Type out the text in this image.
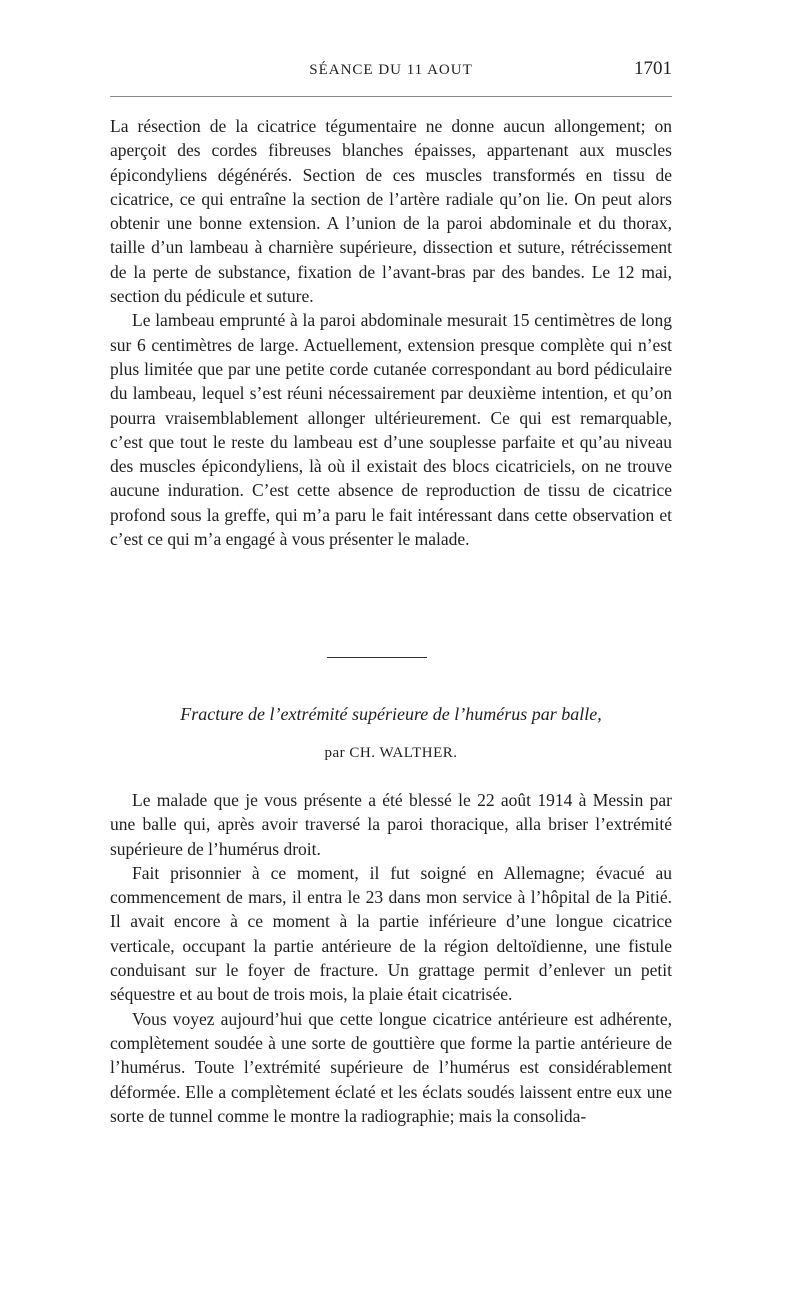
SÉANCE DU 11 AOUT	1701

La résection de la cicatrice tégumentaire ne donne aucun allongement; on aperçoit des cordes fibreuses blanches épaisses, appartenant aux muscles épicondyliens dégénérés. Section de ces muscles transformés en tissu de cicatrice, ce qui entraîne la section de l’artère radiale qu’on lie. On peut alors obtenir une bonne extension. A l’union de la paroi abdominale et du thorax, taille d’un lambeau à charnière supérieure, dissection et suture, rétrécissement de la perte de substance, fixation de l’avant-bras par des bandes. Le 12 mai, section du pédicule et suture.

Le lambeau emprunté à la paroi abdominale mesurait 15 centimètres de long sur 6 centimètres de large. Actuellement, extension presque complète qui n’est plus limitée que par une petite corde cutanée correspondant au bord pédiculaire du lambeau, lequel s’est réuni nécessairement par deuxième intention, et qu’on pourra vraisemblablement allonger ultérieurement. Ce qui est remarquable, c’est que tout le reste du lambeau est d’une souplesse parfaite et qu’au niveau des muscles épicondyliens, là où il existait des blocs cicatriciels, on ne trouve aucune induration. C’est cette absence de reproduction de tissu de cicatrice profond sous la greffe, qui m’a paru le fait intéressant dans cette observation et c’est ce qui m’a engagé à vous présenter le malade.

Fracture de l’extrémité supérieure de l’humérus par balle,
par CH. WALTHER.

Le malade que je vous présente a été blessé le 22 août 1914 à Messin par une balle qui, après avoir traversé la paroi thoracique, alla briser l’extrémité supérieure de l’humérus droit.

Fait prisonnier à ce moment, il fut soigné en Allemagne; évacué au commencement de mars, il entra le 23 dans mon service à l’hôpital de la Pitié. Il avait encore à ce moment à la partie inférieure d’une longue cicatrice verticale, occupant la partie antérieure de la région deltoïdienne, une fistule conduisant sur le foyer de fracture. Un grattage permit d’enlever un petit séquestre et au bout de trois mois, la plaie était cicatrisée.

Vous voyez aujourd’hui que cette longue cicatrice antérieure est adhérente, complètement soudée à une sorte de gouttière que forme la partie antérieure de l’humérus. Toute l’extrémité supérieure de l’humérus est considérablement déformée. Elle a complètement éclaté et les éclats soudés laissent entre eux une sorte de tunnel comme le montre la radiographie; mais la consolida-
